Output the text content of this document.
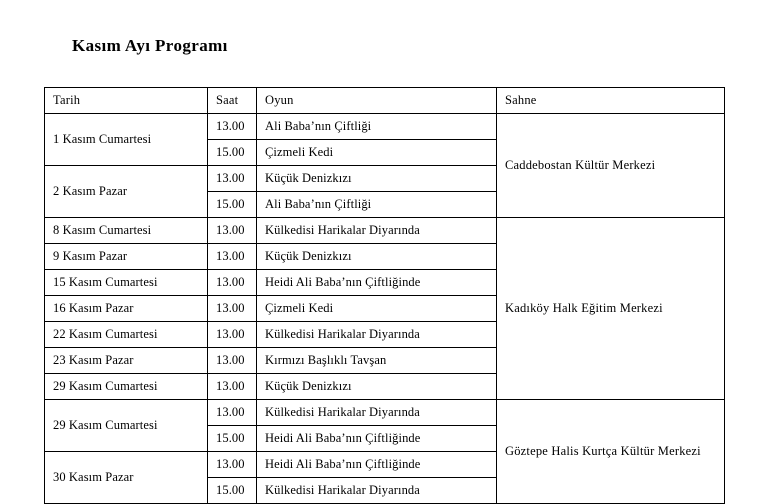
Kasım Ayı Programı
Tarih	Saat	Oyun	Sahne
1 Kasım Cumartesi	13.00	Ali Baba’nın Çiftliği	Caddebostan Kültür Merkezi
	15.00	Çizmeli Kedi	
2 Kasım Pazar	13.00	Küçük Denizkızı	
	15.00	Ali Baba’nın Çiftliği	
8 Kasım Cumartesi	13.00	Külkedisi Harikalar Diyarında	Kadıköy Halk Eğitim Merkezi
9 Kasım Pazar	13.00	Küçük Denizkızı	
15 Kasım Cumartesi	13.00	Heidi Ali Baba’nın Çiftliğinde	
16 Kasım Pazar	13.00	Çizmeli Kedi	
22 Kasım Cumartesi	13.00	Külkedisi Harikalar Diyarında	
23 Kasım Pazar	13.00	Kırmızı Başlıklı Tavşan	
29 Kasım Cumartesi	13.00	Küçük Denizkızı	
29 Kasım Cumartesi	13.00	Külkedisi Harikalar Diyarında	Göztepe Halis Kurtça Kültür Merkezi
	15.00	Heidi Ali Baba’nın Çiftliğinde	
30 Kasım Pazar	13.00	Heidi Ali Baba’nın Çiftliğinde	
	15.00	Külkedisi Harikalar Diyarında	
